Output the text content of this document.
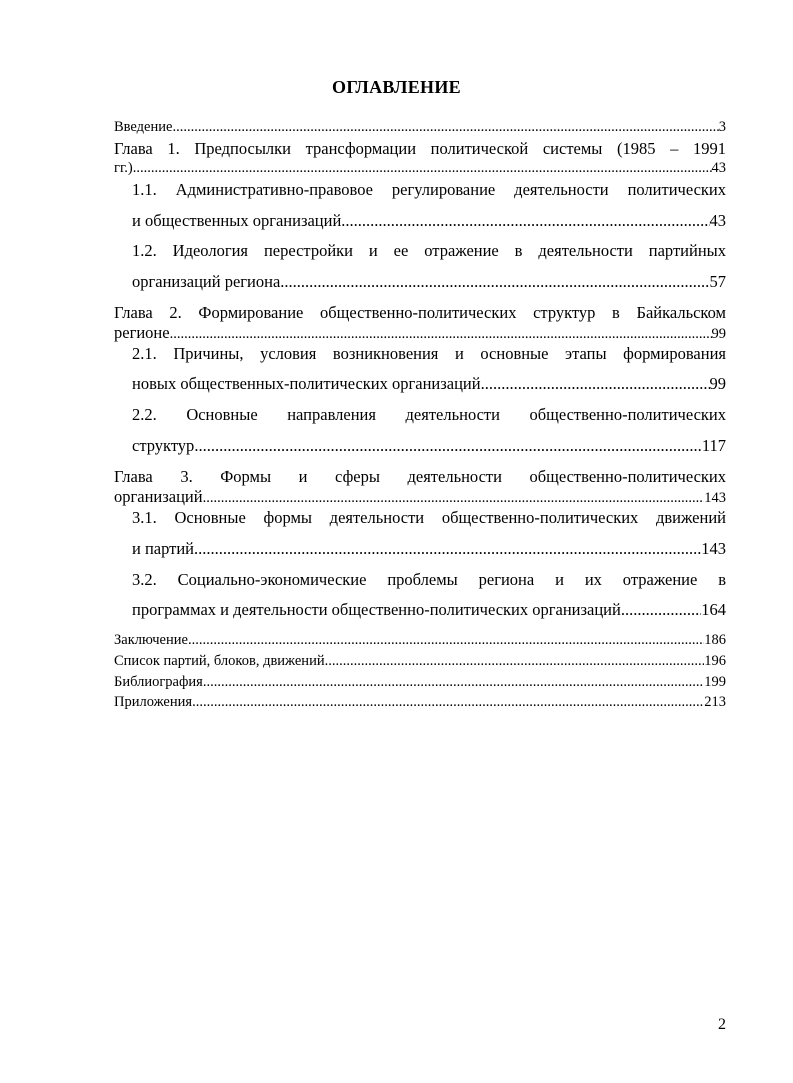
ОГЛАВЛЕНИЕ
Введение .....	3
Глава 1. Предпосылки трансформации политической системы (1985 – 1991
гг.) .....	43
1.1. Административно-правовое регулирование деятельности политических
и общественных организаций .....	43
1.2. Идеология перестройки и ее отражение в деятельности партийных
организаций региона .....	57
Глава 2. Формирование общественно-политических структур в Байкальском
регионе .....	99
2.1. Причины, условия возникновения и основные этапы формирования
новых общественных-политических организаций .....	99
2.2. Основные направления деятельности общественно-политических
структур .....	117
Глава 3. Формы и сферы деятельности общественно-политических
организаций .....	143
3.1. Основные формы деятельности общественно-политических движений
и партий .....	143
3.2. Социально-экономические проблемы региона и их отражение в
программах и деятельности общественно-политических организаций .....	164
Заключение .....	186
Список партий, блоков, движений .....	196
Библиография .....	199
Приложения .....	213
2
